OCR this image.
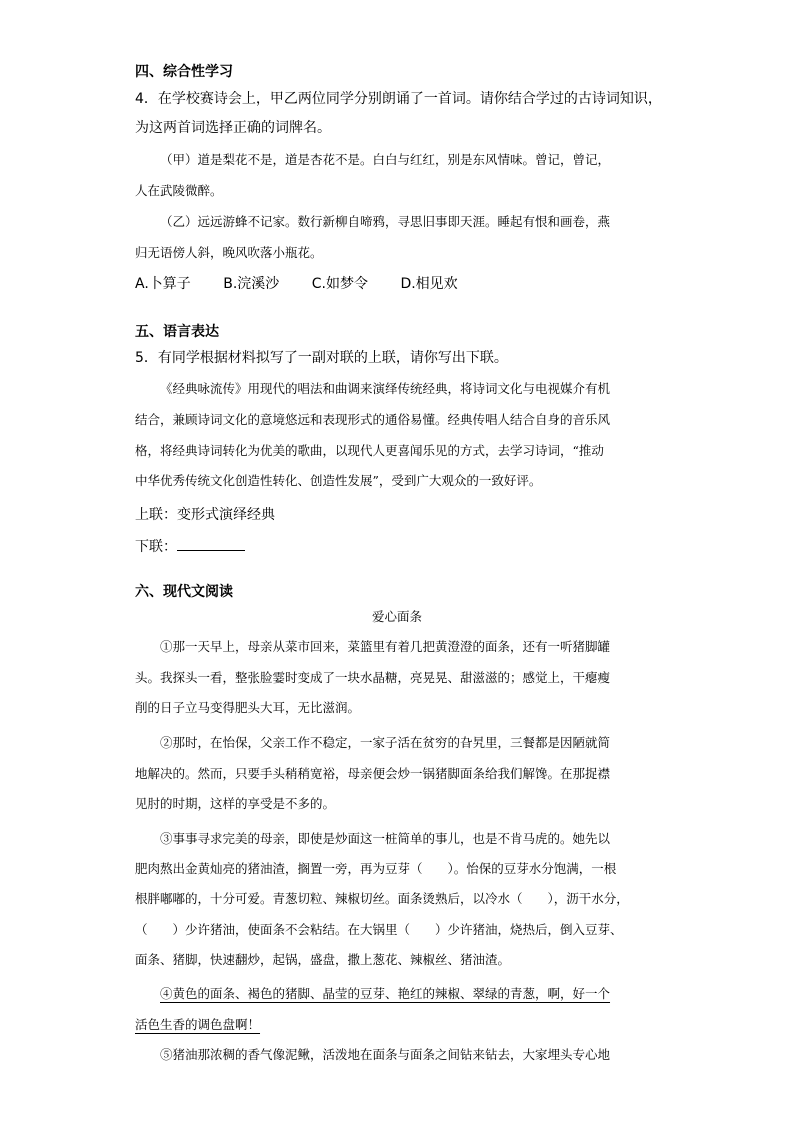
四、综合性学习
4．在学校赛诗会上，甲乙两位同学分别朗诵了一首词。请你结合学过的古诗词知识，
为这两首词选择正确的词牌名。
（甲）道是梨花不是，道是杏花不是。白白与红红，别是东风情味。曾记，曾记，
人在武陵微醉。
（乙）远远游蜂不记家。数行新柳自啼鸦，寻思旧事即天涯。睡起有恨和画卷，燕
归无语傍人斜，晚风吹落小瓶花。
A.卜算子 B.浣溪沙 C.如梦令 D.相见欢
五、语言表达
5．有同学根据材料拟写了一副对联的上联，请你写出下联。
《经典咏流传》用现代的唱法和曲调来演绎传统经典，将诗词文化与电视媒介有机
结合，兼顾诗词文化的意境悠远和表现形式的通俗易懂。经典传唱人结合自身的音乐风
格，将经典诗词转化为优美的歌曲，以现代人更喜闻乐见的方式，去学习诗词，“推动
中华优秀传统文化创造性转化、创造性发展”，受到广大观众的一致好评。
上联：变形式演绎经典
下联：
六、现代文阅读
爱心面条
①那一天早上，母亲从菜市回来，菜篮里有着几把黄澄澄的面条，还有一听猪脚罐
头。我探头一看，整张脸霎时变成了一块水晶糖，亮晃晃、甜滋滋的；感觉上，干瘪瘦
削的日子立马变得肥头大耳，无比滋润。
②那时，在怡保，父亲工作不稳定，一家子活在贫穷的旮旯里，三餐都是因陋就简
地解决的。然而，只要手头稍稍宽裕，母亲便会炒一锅猪脚面条给我们解馋。在那捉襟
见肘的时期，这样的享受是不多的。
③事事寻求完美的母亲，即使是炒面这一桩简单的事儿，也是不肯马虎的。她先以
肥肉熬出金黄灿亮的猪油渣，搁置一旁，再为豆芽（　　）。怡保的豆芽水分饱满，一根
根胖嘟嘟的，十分可爱。青葱切粒、辣椒切丝。面条烫熟后，以冷水（　　），沥干水分，
（　　）少许猪油，使面条不会粘结。在大锅里（　　）少许猪油，烧热后，倒入豆芽、
面条、猪脚，快速翻炒，起锅，盛盘，撒上葱花、辣椒丝、猪油渣。
④黄色的面条、褐色的猪脚、晶莹的豆芽、艳红的辣椒、翠绿的青葱，啊，好一个
活色生香的调色盘啊！
⑤猪油那浓稠的香气像泥鳅，活泼地在面条与面条之间钻来钻去，大家埋头专心地
